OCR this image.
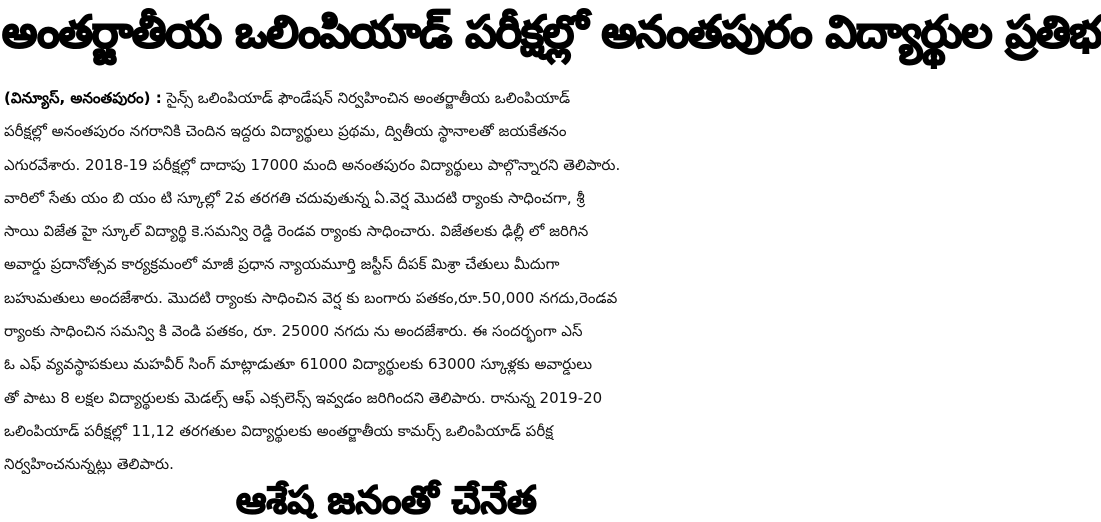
అంతర్జాతీయ ఒలింపియాడ్ పరీక్షల్లో అనంతపురం విద్యార్థుల ప్రతిభ
(విన్యూస్, అనంతపురం) : సైన్స్ ఒలింపియాడ్ ఫౌండేషన్ నిర్వహించిన అంతర్జాతీయ ఒలింపియాడ్
పరీక్షల్లో అనంతపురం నగరానికి చెందిన ఇద్దరు విద్యార్థులు ప్రథమ, ద్వితీయ స్థానాలతో జయకేతనం
ఎగురవేశారు. 2018-19 పరీక్షల్లో దాదాపు 17000 మంది అనంతపురం విద్యార్థులు పాల్గొన్నారని తెలిపారు.
వారిలో సేతు యం బి యం టి స్కూల్లో 2వ తరగతి చదువుతున్న ఏ.వెర్ష మొదటి ర్యాంకు సాధించగా, శ్రీ
సాయి విజేత హై స్కూల్ విద్యార్థి కె.సమన్వి రెడ్డి రెండవ ర్యాంకు సాధించారు. విజేతలకు ఢిల్లీ లో జరిగిన
అవార్డు ప్రదానోత్సవ కార్యక్రమంలో మాజీ ప్రధాన న్యాయమూర్తి జస్టీస్ దీపక్ మిశ్రా చేతులు మీదుగా
బహుమతులు అందజేశారు. మొదటి ర్యాంకు సాధించిన వెర్ష కు బంగారు పతకం,రూ.50,000 నగదు,రెండవ
ర్యాంకు సాధించిన సమన్వి కి వెండి పతకం, రూ. 25000 నగదు ను అందజేశారు. ఈ సందర్భంగా ఎస్
ఓ ఎఫ్ వ్యవస్థాపకులు మహవీర్ సింగ్ మాట్లాడుతూ 61000 విద్యార్థులకు 63000 స్కూళ్లకు అవార్డులు
తో పాటు 8 లక్షల విద్యార్థులకు మెడల్స్ ఆఫ్ ఎక్సలెన్స్ ఇవ్వడం జరిగిందని తెలిపారు. రానున్న 2019-20
ఒలింపియాడ్ పరీక్షల్లో 11,12 తరగతుల విద్యార్థులకు అంతర్జాతీయ కామర్స్ ఒలింపియాడ్ పరీక్ష
నిర్వహించనున్నట్లు తెలిపారు.
ఆశేష జనంతో చేనేత
